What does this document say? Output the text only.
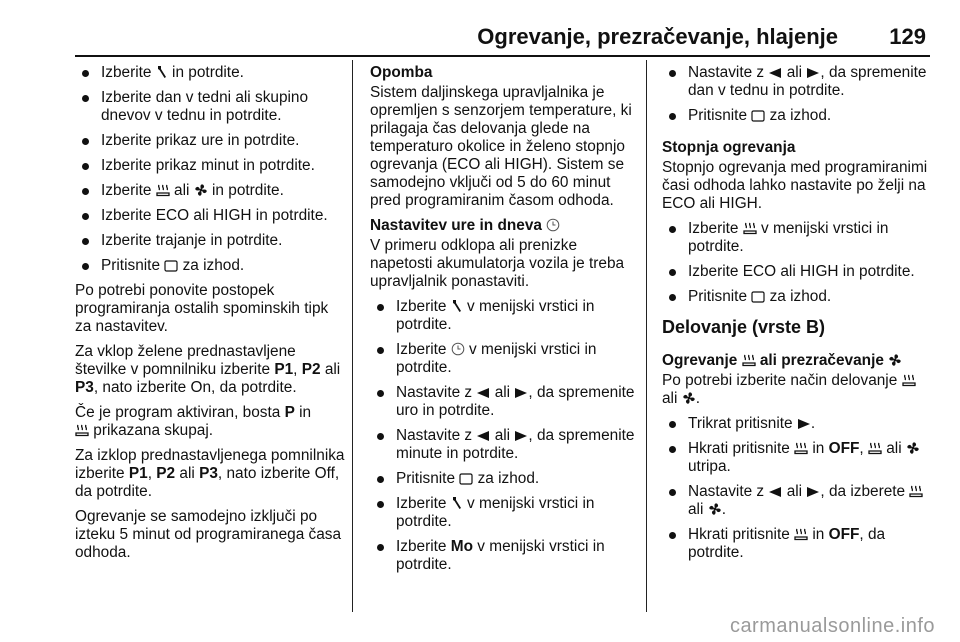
Ogrevanje, prezračevanje, hlajenje 129
Izberite in potrdite.
Izberite dan v tedni ali skupino dnevov v tednu in potrdite.
Izberite prikaz ure in potrdite.
Izberite prikaz minut in potrdite.
Izberite ali in potrdite.
Izberite ECO ali HIGH in potrdite.
Izberite trajanje in potrdite.
Pritisnite za izhod.

Po potrebi ponovite postopek programiranja ostalih spominskih tipk za nastavitev.

Za vklop želene prednastavljene številke v pomnilniku izberite P1, P2 ali P3, nato izberite On, da potrdite.

Če je program aktiviran, bosta P in
prikazana skupaj.

Za izklop prednastavljenega pomnilnika izberite P1, P2 ali P3, nato izberite Off, da potrdite.

Ogrevanje se samodejno izključi po izteku 5 minut od programiranega časa odhoda.

Opomba

Sistem daljinskega upravljalnika je opremljen s senzorjem temperature, ki prilagaja čas delovanja glede na temperaturo okolice in želeno stopnjo ogrevanja (ECO ali HIGH). Sistem se samodejno vključi od 5 do 60 minut pred programiranim časom odhoda.

Nastavitev ure in dneva

V primeru odklopa ali prenizke napetosti akumulatorja vozila je treba upravljalnik ponastaviti.

Izberite v menijski vrstici in potrdite.
Izberite v menijski vrstici in potrdite.
Nastavite z ali , da spremenite uro in potrdite.
Nastavite z ali , da spremenite minute in potrdite.
Pritisnite za izhod.
Izberite v menijski vrstici in potrdite.
Izberite Mo v menijski vrstici in potrdite.
Nastavite z ali , da spremenite dan v tednu in potrdite.
Pritisnite za izhod.

Stopnja ogrevanja

Stopnjo ogrevanja med programiranimi časi odhoda lahko nastavite po želji na ECO ali HIGH.

Izberite v menijski vrstici in potrdite.
Izberite ECO ali HIGH in potrdite.
Pritisnite za izhod.

Delovanje (vrste B)

Ogrevanje ali prezračevanje

Po potrebi izberite način delovanje  ali .

Trikrat pritisnite .
Hkrati pritisnite in OFF,  ali  utripa.
Nastavite z ali , da izberete  ali .
Hkrati pritisnite in OFF, da potrdite.
carmanualsonline.info
